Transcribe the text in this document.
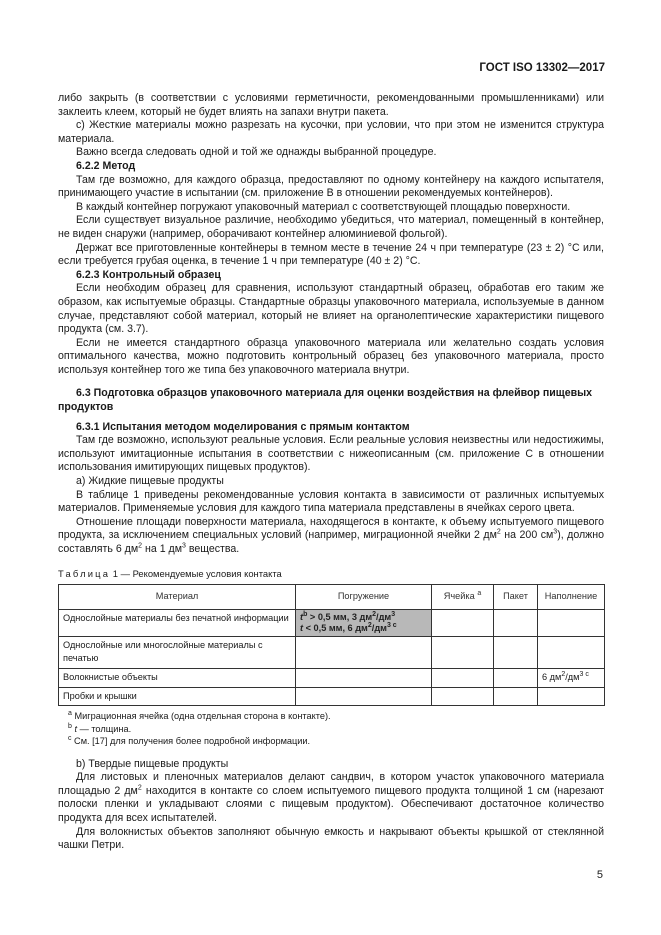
ГОСТ ISO 13302—2017

либо закрыть (в соответствии с условиями герметичности, рекомендованными промышленниками) или заклеить клеем, который не будет влиять на запахи внутри пакета.

с) Жесткие материалы можно разрезать на кусочки, при условии, что при этом не изменится структура материала.

Важно всегда следовать одной и той же однажды выбранной процедуре.

6.2.2 Метод

Там где возможно, для каждого образца, предоставляют по одному контейнеру на каждого испытателя, принимающего участие в испытании (см. приложение B в отношении рекомендуемых контейнеров).

В каждый контейнер погружают упаковочный материал с соответствующей площадью поверхности.

Если существует визуальное различие, необходимо убедиться, что материал, помещенный в контейнер, не виден снаружи (например, оборачивают контейнер алюминиевой фольгой).

Держат все приготовленные контейнеры в темном месте в течение 24 ч при температуре (23 ± 2) °С или, если требуется грубая оценка, в течение 1 ч при температуре (40 ± 2) °С.

6.2.3 Контрольный образец

Если необходим образец для сравнения, используют стандартный образец, обработав его таким же образом, как испытуемые образцы. Стандартные образцы упаковочного материала, используемые в данном случае, представляют собой материал, который не влияет на органолептические характеристики пищевого продукта (см. 3.7).

Если не имеется стандартного образца упаковочного материала или желательно создать условия оптимального качества, можно подготовить контрольный образец без упаковочного материала, просто используя контейнер того же типа без упаковочного материала внутри.

6.3 Подготовка образцов упаковочного материала для оценки воздействия на флейвор пищевых продуктов
6.3.1 Испытания методом моделирования с прямым контактом

Там где возможно, используют реальные условия. Если реальные условия неизвестны или недостижимы, используют имитационные испытания в соответствии с нижеописанным (см. приложение С в отношении использования имитирующих пищевых продуктов).

а) Жидкие пищевые продукты

В таблице 1 приведены рекомендованные условия контакта в зависимости от различных испытуемых материалов. Применяемые условия для каждого типа материала представлены в ячейках серого цвета.

Отношение площади поверхности материала, находящегося в контакте, к объему испытуемого пищевого продукта, за исключением специальных условий (например, миграционной ячейки 2 $дм^2$ на 200 $см^3$), должно составлять 6 $дм^2$ на 1 $дм^3$ вещества.

Таблица 1 — Рекомендуемые условия контакта
Материал	Погружение	Ячейка $^а$	Пакет	Наполнение
Однослойные материалы без печатной информации	$t^b > 0,5$ мм, 3 $дм^2/дм^3$
t < 0,5 мм, 6 $дм^2/дм^{3 с}$			
Однослойные или многослойные материалы с печатью				
Волокнистые объекты				6 $дм^2/дм^{3 с}$
Пробки и крышки				
$^а$ Миграционная ячейка (одна отдельная сторона в контакте).
$^b$ t — толщина.
$^с$ См. [17] для получения более подробной информации.

b) Твердые пищевые продукты

Для листовых и пленочных материалов делают сандвич, в котором участок упаковочного материала площадью 2 $дм^2$ находится в контакте со слоем испытуемого пищевого продукта толщиной 1 см (нарезают полоски пленки и укладывают слоями с пищевым продуктом). Обеспечивают достаточное количество продукта для всех испытателей.

Для волокнистых объектов заполняют обычную емкость и накрывают объекты крышкой от стеклянной чашки Петри.

5
